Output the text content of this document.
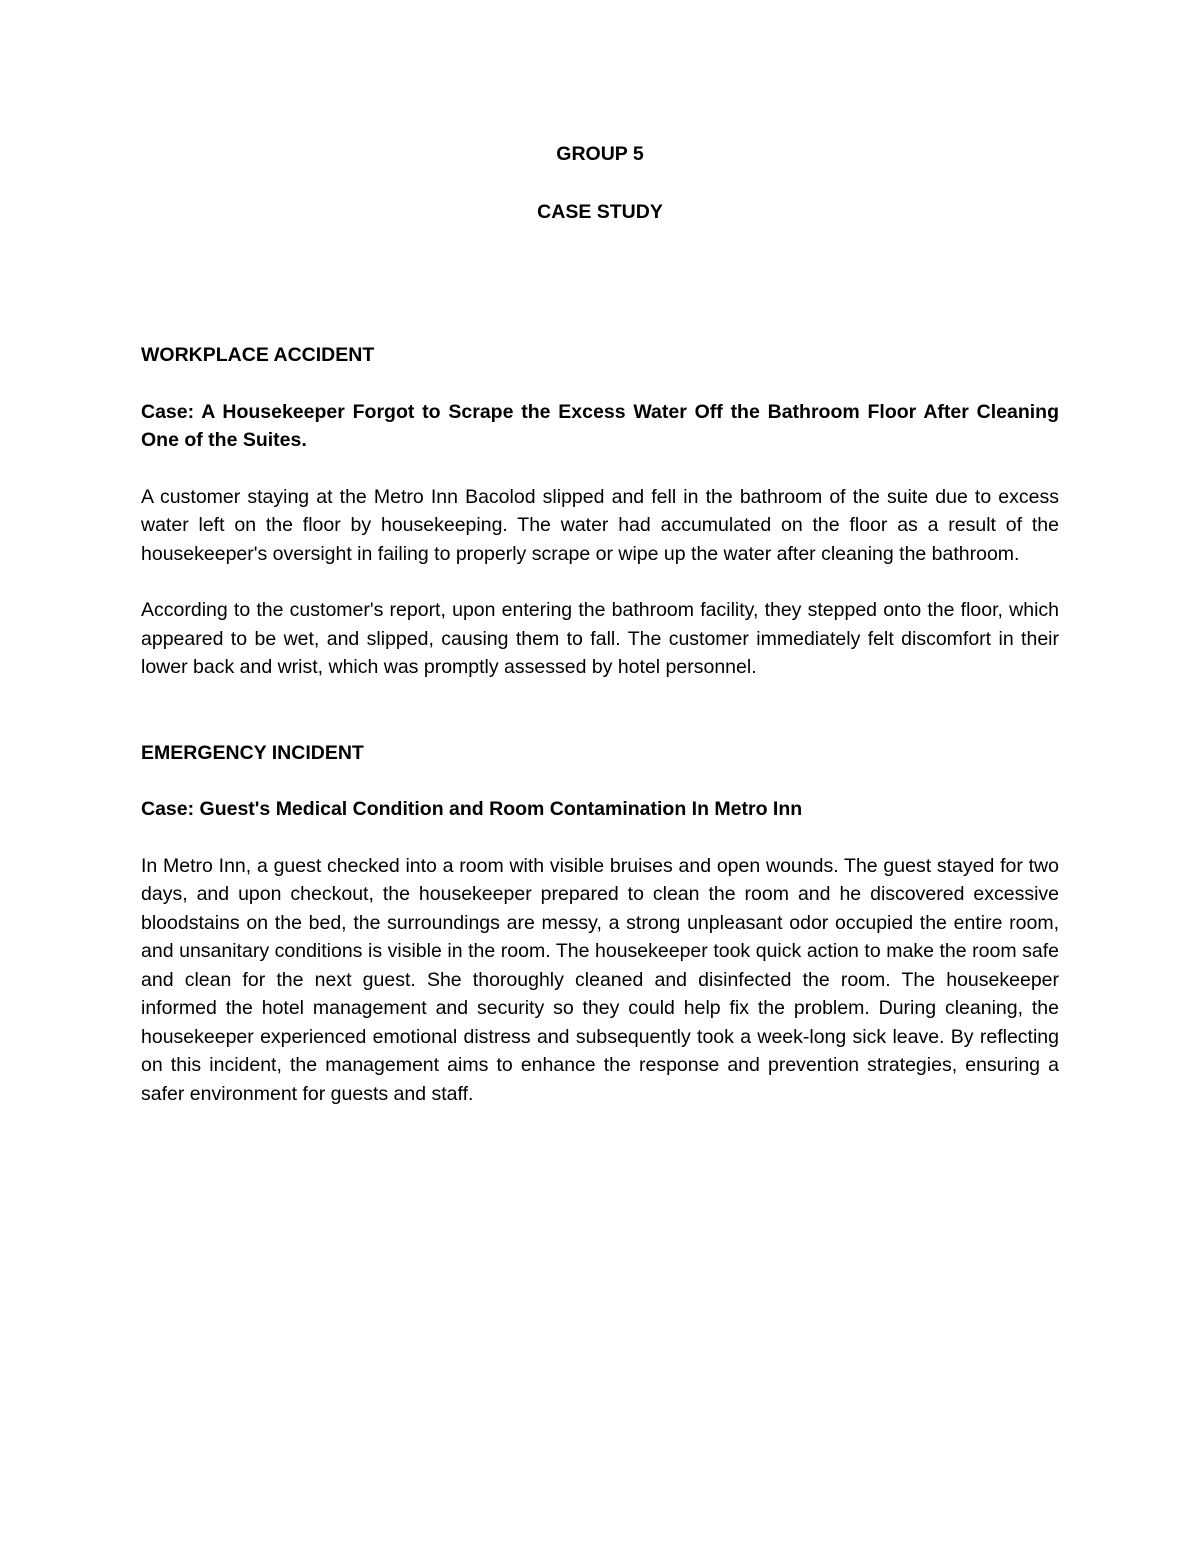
GROUP 5

CASE STUDY

WORKPLACE ACCIDENT

Case: A Housekeeper Forgot to Scrape the Excess Water Off the Bathroom Floor After Cleaning One of the Suites.

A customer staying at the Metro Inn Bacolod slipped and fell in the bathroom of the suite due to excess water left on the floor by housekeeping. The water had accumulated on the floor as a result of the housekeeper's oversight in failing to properly scrape or wipe up the water after cleaning the bathroom.

According to the customer's report, upon entering the bathroom facility, they stepped onto the floor, which appeared to be wet, and slipped, causing them to fall. The customer immediately felt discomfort in their lower back and wrist, which was promptly assessed by hotel personnel.

EMERGENCY INCIDENT

Case: Guest's Medical Condition and Room Contamination In Metro Inn

In Metro Inn, a guest checked into a room with visible bruises and open wounds. The guest stayed for two days, and upon checkout, the housekeeper prepared to clean the room and he discovered excessive bloodstains on the bed, the surroundings are messy, a strong unpleasant odor occupied the entire room, and unsanitary conditions is visible in the room. The housekeeper took quick action to make the room safe and clean for the next guest. She thoroughly cleaned and disinfected the room. The housekeeper informed the hotel management and security so they could help fix the problem. During cleaning, the housekeeper experienced emotional distress and subsequently took a week-long sick leave. By reflecting on this incident, the management aims to enhance the response and prevention strategies, ensuring a safer environment for guests and staff.
